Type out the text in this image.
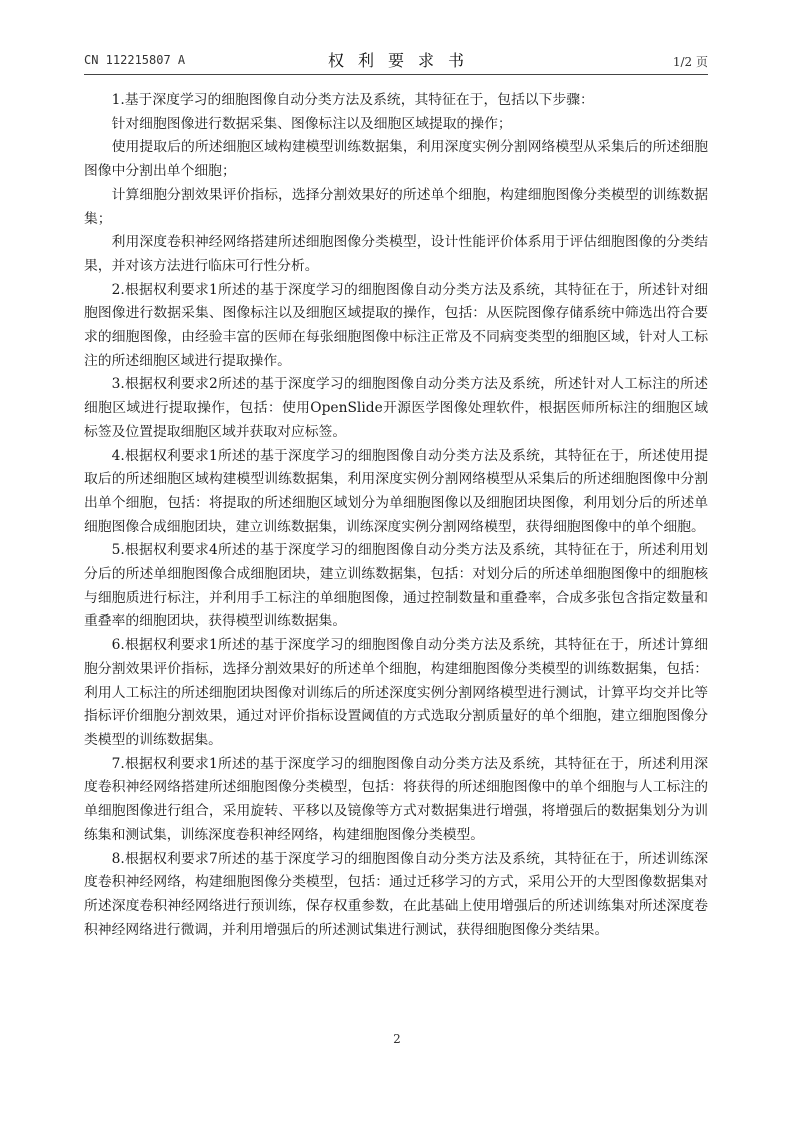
CN 112215807 A	权利要求书	1/2 页

1.基于深度学习的细胞图像自动分类方法及系统，其特征在于，包括以下步骤：

针对细胞图像进行数据采集、图像标注以及细胞区域提取的操作；

使用提取后的所述细胞区域构建模型训练数据集，利用深度实例分割网络模型从采集后的所述细胞图像中分割出单个细胞；

计算细胞分割效果评价指标，选择分割效果好的所述单个细胞，构建细胞图像分类模型的训练数据集；

利用深度卷积神经网络搭建所述细胞图像分类模型，设计性能评价体系用于评估细胞图像的分类结果，并对该方法进行临床可行性分析。

2.根据权利要求1所述的基于深度学习的细胞图像自动分类方法及系统，其特征在于，所述针对细胞图像进行数据采集、图像标注以及细胞区域提取的操作，包括：从医院图像存储系统中筛选出符合要求的细胞图像，由经验丰富的医师在每张细胞图像中标注正常及不同病变类型的细胞区域，针对人工标注的所述细胞区域进行提取操作。

3.根据权利要求2所述的基于深度学习的细胞图像自动分类方法及系统，所述针对人工标注的所述细胞区域进行提取操作，包括：使用OpenSlide开源医学图像处理软件，根据医师所标注的细胞区域标签及位置提取细胞区域并获取对应标签。

4.根据权利要求1所述的基于深度学习的细胞图像自动分类方法及系统，其特征在于，所述使用提取后的所述细胞区域构建模型训练数据集，利用深度实例分割网络模型从采集后的所述细胞图像中分割出单个细胞，包括：将提取的所述细胞区域划分为单细胞图像以及细胞团块图像，利用划分后的所述单细胞图像合成细胞团块，建立训练数据集，训练深度实例分割网络模型，获得细胞图像中的单个细胞。

5.根据权利要求4所述的基于深度学习的细胞图像自动分类方法及系统，其特征在于，所述利用划分后的所述单细胞图像合成细胞团块，建立训练数据集，包括：对划分后的所述单细胞图像中的细胞核与细胞质进行标注，并利用手工标注的单细胞图像，通过控制数量和重叠率，合成多张包含指定数量和重叠率的细胞团块，获得模型训练数据集。

6.根据权利要求1所述的基于深度学习的细胞图像自动分类方法及系统，其特征在于，所述计算细胞分割效果评价指标，选择分割效果好的所述单个细胞，构建细胞图像分类模型的训练数据集，包括：利用人工标注的所述细胞团块图像对训练后的所述深度实例分割网络模型进行测试，计算平均交并比等指标评价细胞分割效果，通过对评价指标设置阈值的方式选取分割质量好的单个细胞，建立细胞图像分类模型的训练数据集。

7.根据权利要求1所述的基于深度学习的细胞图像自动分类方法及系统，其特征在于，所述利用深度卷积神经网络搭建所述细胞图像分类模型，包括：将获得的所述细胞图像中的单个细胞与人工标注的单细胞图像进行组合，采用旋转、平移以及镜像等方式对数据集进行增强，将增强后的数据集划分为训练集和测试集，训练深度卷积神经网络，构建细胞图像分类模型。

8.根据权利要求7所述的基于深度学习的细胞图像自动分类方法及系统，其特征在于，所述训练深度卷积神经网络，构建细胞图像分类模型，包括：通过迁移学习的方式，采用公开的大型图像数据集对所述深度卷积神经网络进行预训练，保存权重参数，在此基础上使用增强后的所述训练集对所述深度卷积神经网络进行微调，并利用增强后的所述测试集进行测试，获得细胞图像分类结果。

2
